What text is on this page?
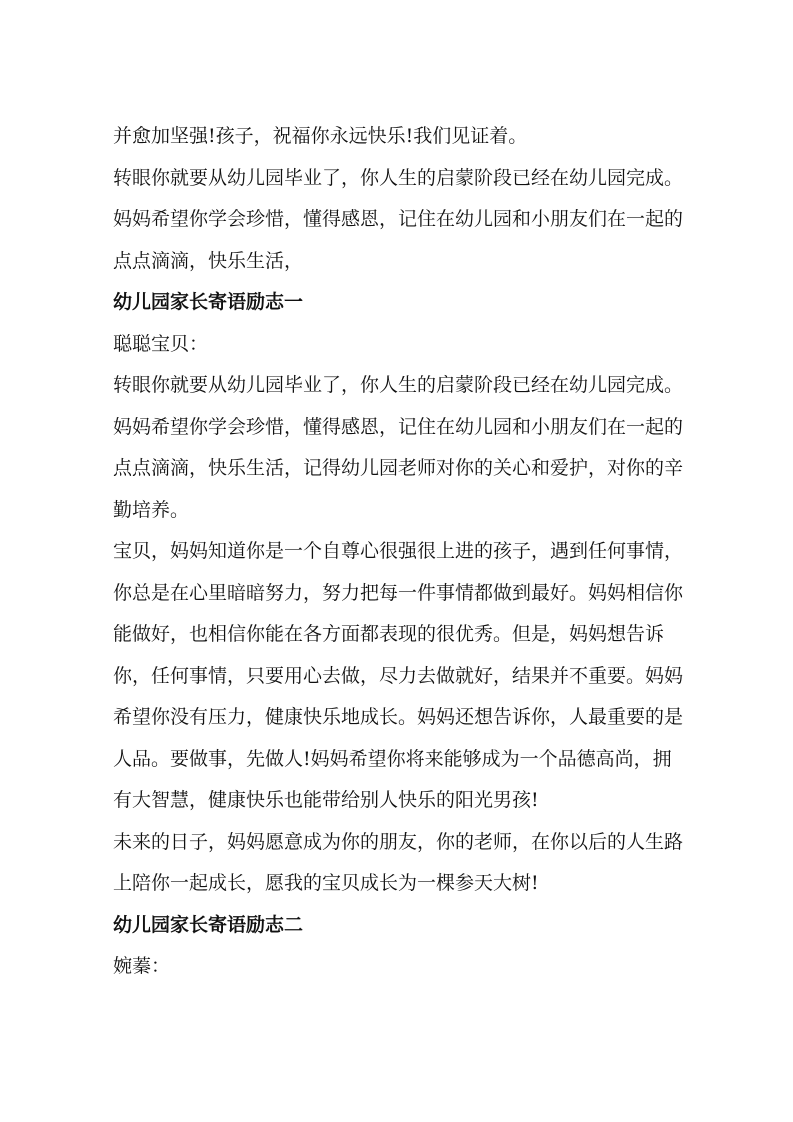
并愈加坚强!孩子，祝福你永远快乐!我们见证着。

转眼你就要从幼儿园毕业了，你人生的启蒙阶段已经在幼儿园完成。妈妈希望你学会珍惜，懂得感恩，记住在幼儿园和小朋友们在一起的点点滴滴，快乐生活，

幼儿园家长寄语励志一

聪聪宝贝：

转眼你就要从幼儿园毕业了，你人生的启蒙阶段已经在幼儿园完成。妈妈希望你学会珍惜，懂得感恩，记住在幼儿园和小朋友们在一起的点点滴滴，快乐生活，记得幼儿园老师对你的关心和爱护，对你的辛勤培养。

宝贝，妈妈知道你是一个自尊心很强很上进的孩子，遇到任何事情，你总是在心里暗暗努力，努力把每一件事情都做到最好。妈妈相信你能做好，也相信你能在各方面都表现的很优秀。但是，妈妈想告诉你，任何事情，只要用心去做，尽力去做就好，结果并不重要。妈妈希望你没有压力，健康快乐地成长。妈妈还想告诉你，人最重要的是人品。要做事，先做人!妈妈希望你将来能够成为一个品德高尚，拥有大智慧，健康快乐也能带给别人快乐的阳光男孩!

未来的日子，妈妈愿意成为你的朋友，你的老师，在你以后的人生路上陪你一起成长，愿我的宝贝成长为一棵参天大树!

幼儿园家长寄语励志二

婉蓁：
